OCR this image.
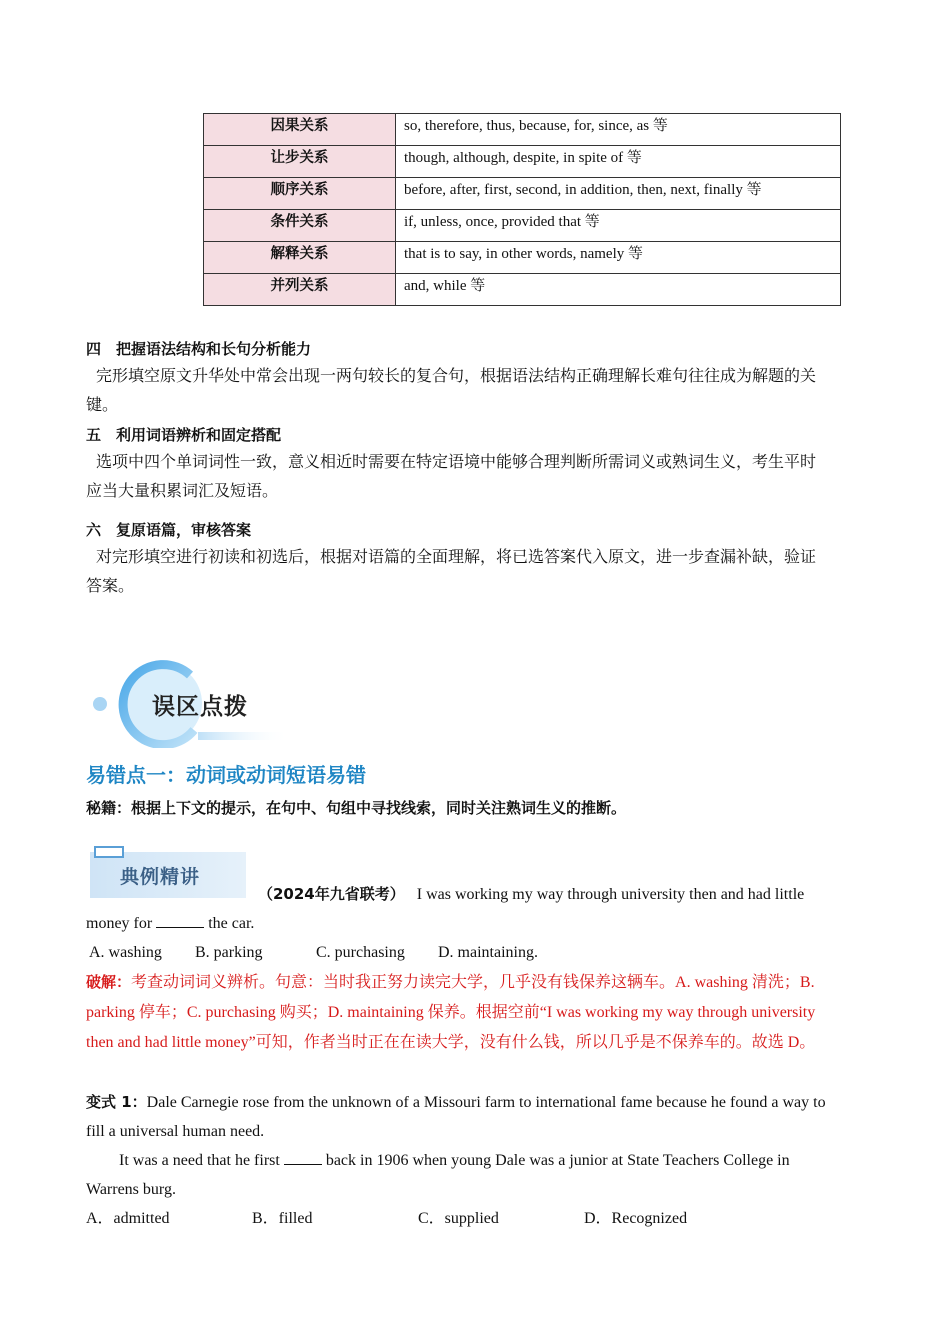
因果关系	so, therefore, thus, because, for, since, as 等
让步关系	though, although, despite, in spite of 等
顺序关系	before, after, first, second, in addition, then, next, finally 等
条件关系	if, unless, once, provided that 等
解释关系	that is to say, in other words, namely 等
并列关系	and, while 等
四　把握语法结构和长句分析能力
完形填空原文升华处中常会出现一两句较长的复合句，根据语法结构正确理解长难句往往成为解题的关
键。
五　利用词语辨析和固定搭配
选项中四个单词词性一致，意义相近时需要在特定语境中能够合理判断所需词义或熟词生义，考生平时
应当大量积累词汇及短语。
六　复原语篇，审核答案
对完形填空进行初读和初选后，根据对语篇的全面理解，将已选答案代入原文，进一步查漏补缺，验证
答案。
误区点拨
易错点一：动词或动词短语易错
秘籍：根据上下文的提示，在句中、句组中寻找线索，同时关注熟词生义的推断。
典例精讲
（2024年九省联考） I was working my way through university then and had little
money for	the car.
A. washing B. parking	C. purchasing D. maintaining.
破解：考查动词词义辨析。句意：当时我正努力读完大学，几乎没有钱保养这辆车。A. washing 清洗；B.
parking 停车；C. purchasing 购买；D. maintaining 保养。根据空前“I was working my way through university
then and had little money”可知，作者当时正在在读大学，没有什么钱，所以几乎是不保养车的。故选 D。
变式 1：Dale Carnegie rose from the unknown of a Missouri farm to international fame because he found a way to
fill a universal human need.
It was a need that he first	back in 1906 when young Dale was a junior at State Teachers College in
Warrens burg.
A．admitted	B．filled	C．supplied	D．Recognized
